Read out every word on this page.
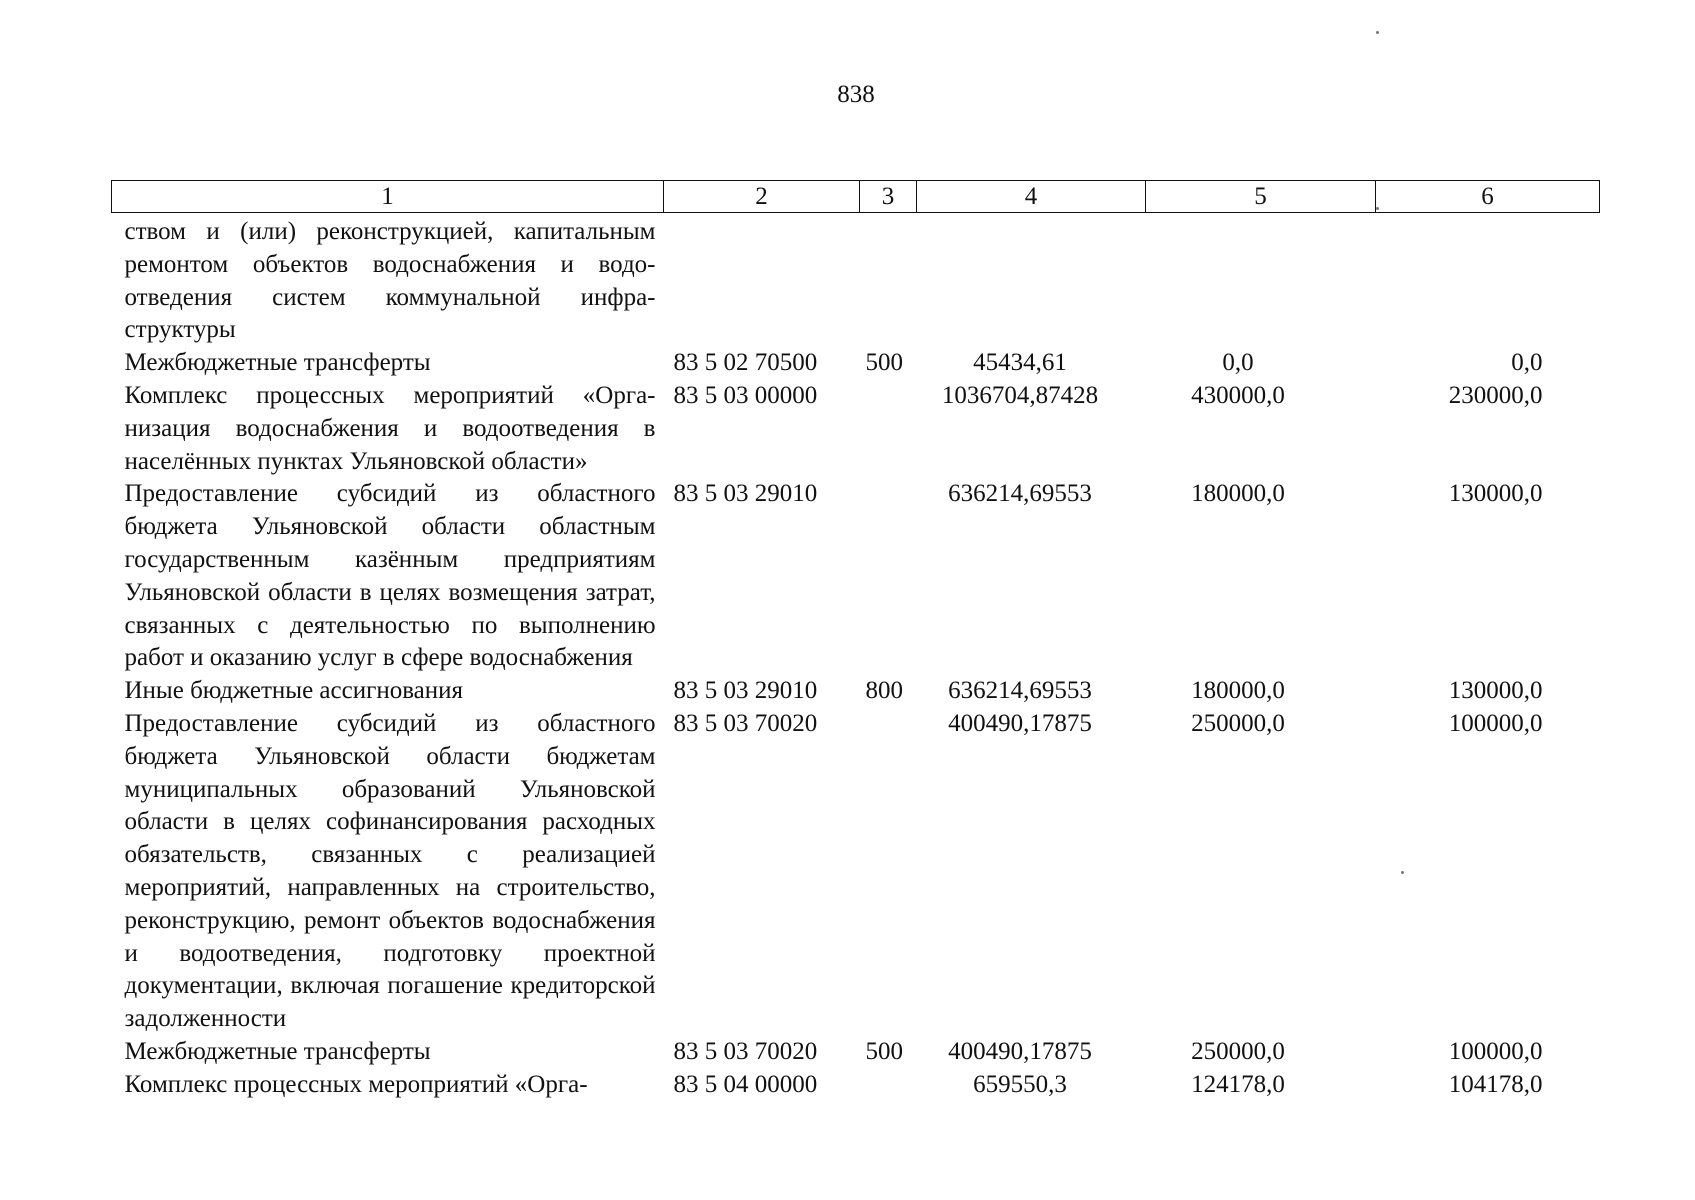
838
1	2	3	4	5	6
ством и (или) реконструкцией, капитальным ремонтом объектов водоснабжения и водоотведения систем коммунальной инфраструктуры					
Межбюджетные трансферты	83 5 02 70500	500	45434,61	0,0	0,0
Комплекс процессных мероприятий «Организация водоснабжения и водоотведения в населённых пунктах Ульяновской области»	83 5 03 00000		1036704,87428	430000,0	230000,0
Предоставление субсидий из областного бюджета Ульяновской области областным государственным казённым предприятиям Ульяновской области в целях возмещения затрат, связанных с деятельностью по выполнению работ и оказанию услуг в сфере водоснабжения	83 5 03 29010		636214,69553	180000,0	130000,0
Иные бюджетные ассигнования	83 5 03 29010	800	636214,69553	180000,0	130000,0
Предоставление субсидий из областного бюджета Ульяновской области бюджетам муниципальных образований Ульяновской области в целях софинансирования расходных обязательств, связанных с реализацией мероприятий, направленных на строительство, реконструкцию, ремонт объектов водоснабжения и водоотведения, подготовку проектной документации, включая погашение кредиторской задолженности	83 5 03 70020		400490,17875	250000,0	100000,0
Межбюджетные трансферты	83 5 03 70020	500	400490,17875	250000,0	100000,0
Комплекс процессных мероприятий «Орга-	83 5 04 00000		659550,3	124178,0	104178,0
